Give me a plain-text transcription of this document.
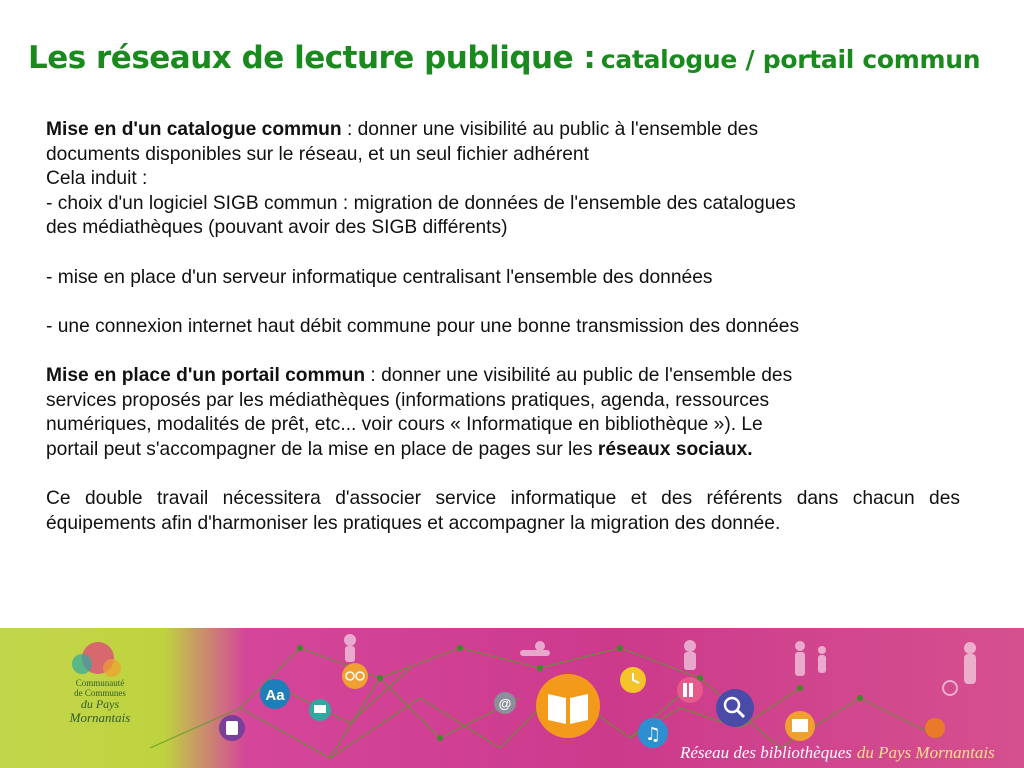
Les réseaux de lecture publique : catalogue / portail commun

Mise en d'un catalogue commun : donner une visibilité au public à l'ensemble des

documents disponibles sur le réseau, et un seul fichier adhérent

Cela induit :

- choix d'un logiciel SIGB commun : migration de données de l'ensemble des catalogues

des médiathèques (pouvant avoir des SIGB différents)

- mise en place d'un serveur informatique centralisant l'ensemble des données

- une connexion internet haut débit commune pour une bonne transmission des données

Mise en place d'un portail commun : donner une visibilité au public de l'ensemble des

services proposés par les médiathèques (informations pratiques, agenda, ressources

numériques, modalités de prêt, etc... voir cours « Informatique en bibliothèque »). Le

portail peut s'accompagner de la mise en place de pages sur les réseaux sociaux.

Ce double travail nécessitera d'associer service informatique et des référents dans chacun des équipements afin d'harmoniser les pratiques et accompagner la migration des donnée.

Aa	@
♫
Communauté
de Communes
du Pays
Mornantais
Réseau des bibliothèques du Pays Mornantais
